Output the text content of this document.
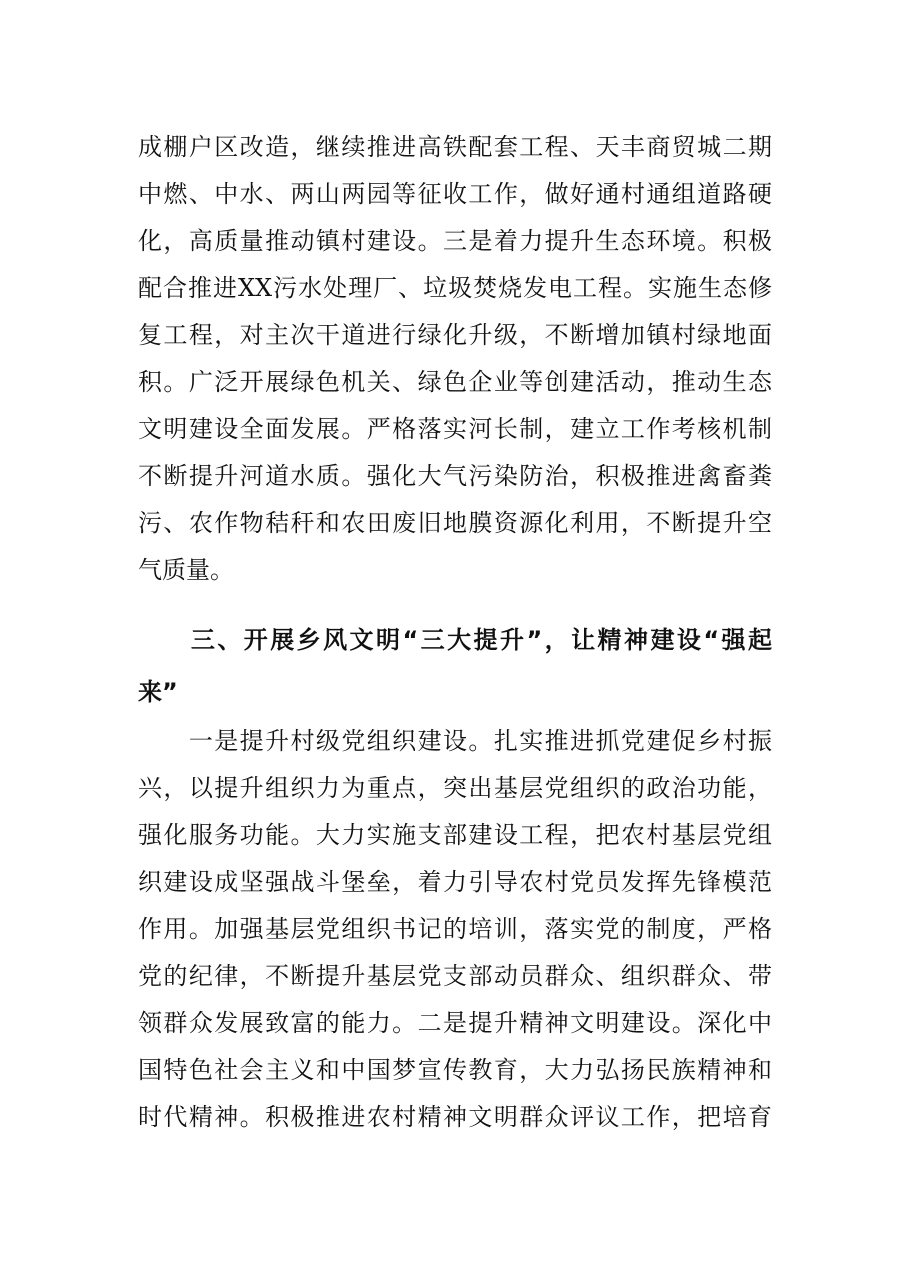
成棚户区改造，继续推进高铁配套工程、天丰商贸城二期
中燃、中水、两山两园等征收工作，做好通村通组道路硬
化，高质量推动镇村建设。三是着力提升生态环境。积极
配合推进XX污水处理厂、垃圾焚烧发电工程。实施生态修
复工程，对主次干道进行绿化升级，不断增加镇村绿地面
积。广泛开展绿色机关、绿色企业等创建活动，推动生态
文明建设全面发展。严格落实河长制，建立工作考核机制
不断提升河道水质。强化大气污染防治，积极推进禽畜粪
污、农作物秸秆和农田废旧地膜资源化利用，不断提升空
气质量。
　　三、开展乡风文明“三大提升”，让精神建设“强起
来”
　　一是提升村级党组织建设。扎实推进抓党建促乡村振
兴，以提升组织力为重点，突出基层党组织的政治功能，
强化服务功能。大力实施支部建设工程，把农村基层党组
织建设成坚强战斗堡垒，着力引导农村党员发挥先锋模范
作用。加强基层党组织书记的培训，落实党的制度，严格
党的纪律，不断提升基层党支部动员群众、组织群众、带
领群众发展致富的能力。二是提升精神文明建设。深化中
国特色社会主义和中国梦宣传教育，大力弘扬民族精神和
时代精神。积极推进农村精神文明群众评议工作，把培育
